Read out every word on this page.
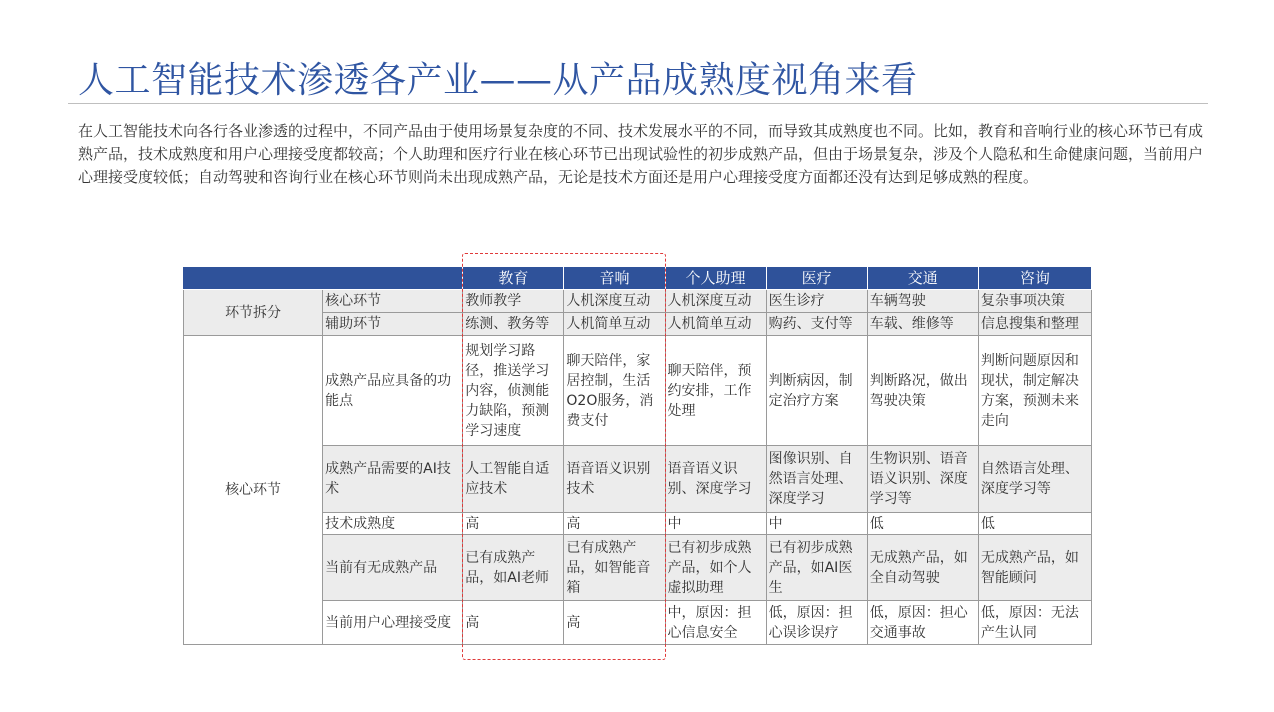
人工智能技术渗透各产业——从产品成熟度视角来看

在人工智能技术向各行各业渗透的过程中，不同产品由于使用场景复杂度的不同、技术发展水平的不同，而导致其成熟度也不同。比如，教育和音响行业的核心环节已有成熟产品，技术成熟度和用户心理接受度都较高；个人助理和医疗行业在核心环节已出现试验性的初步成熟产品，但由于场景复杂，涉及个人隐私和生命健康问题，当前用户心理接受度较低；自动驾驶和咨询行业在核心环节则尚未出现成熟产品，无论是技术方面还是用户心理接受度方面都还没有达到足够成熟的程度。

		教育	音响	个人助理	医疗	交通	咨询
环节拆分	核心环节	教师教学	人机深度互动	人机深度互动	医生诊疗	车辆驾驶	复杂事项决策
	辅助环节	练测、教务等	人机简单互动	人机简单互动	购药、支付等	车载、维修等	信息搜集和整理
核心环节	成熟产品应具备的功能点	规划学习路径，推送学习内容，侦测能力缺陷，预测学习速度	聊天陪伴，家居控制，生活O2O服务，消费支付	聊天陪伴，预约安排，工作处理	判断病因，制定治疗方案	判断路况，做出驾驶决策	判断问题原因和现状，制定解决方案，预测未来走向
	成熟产品需要的AI技术	人工智能自适应技术	语音语义识别技术	语音语义识别、深度学习	图像识别、自然语言处理、深度学习	生物识别、语音语义识别、深度学习等	自然语言处理、深度学习等
	技术成熟度	高	高	中	中	低	低
	当前有无成熟产品	已有成熟产品，如AI老师	已有成熟产品，如智能音箱	已有初步成熟产品，如个人虚拟助理	已有初步成熟产品，如AI医生	无成熟产品，如全自动驾驶	无成熟产品，如智能顾问
	当前用户心理接受度	高	高	中，原因：担心信息安全	低，原因：担心误诊误疗	低，原因：担心交通事故	低，原因：无法产生认同
